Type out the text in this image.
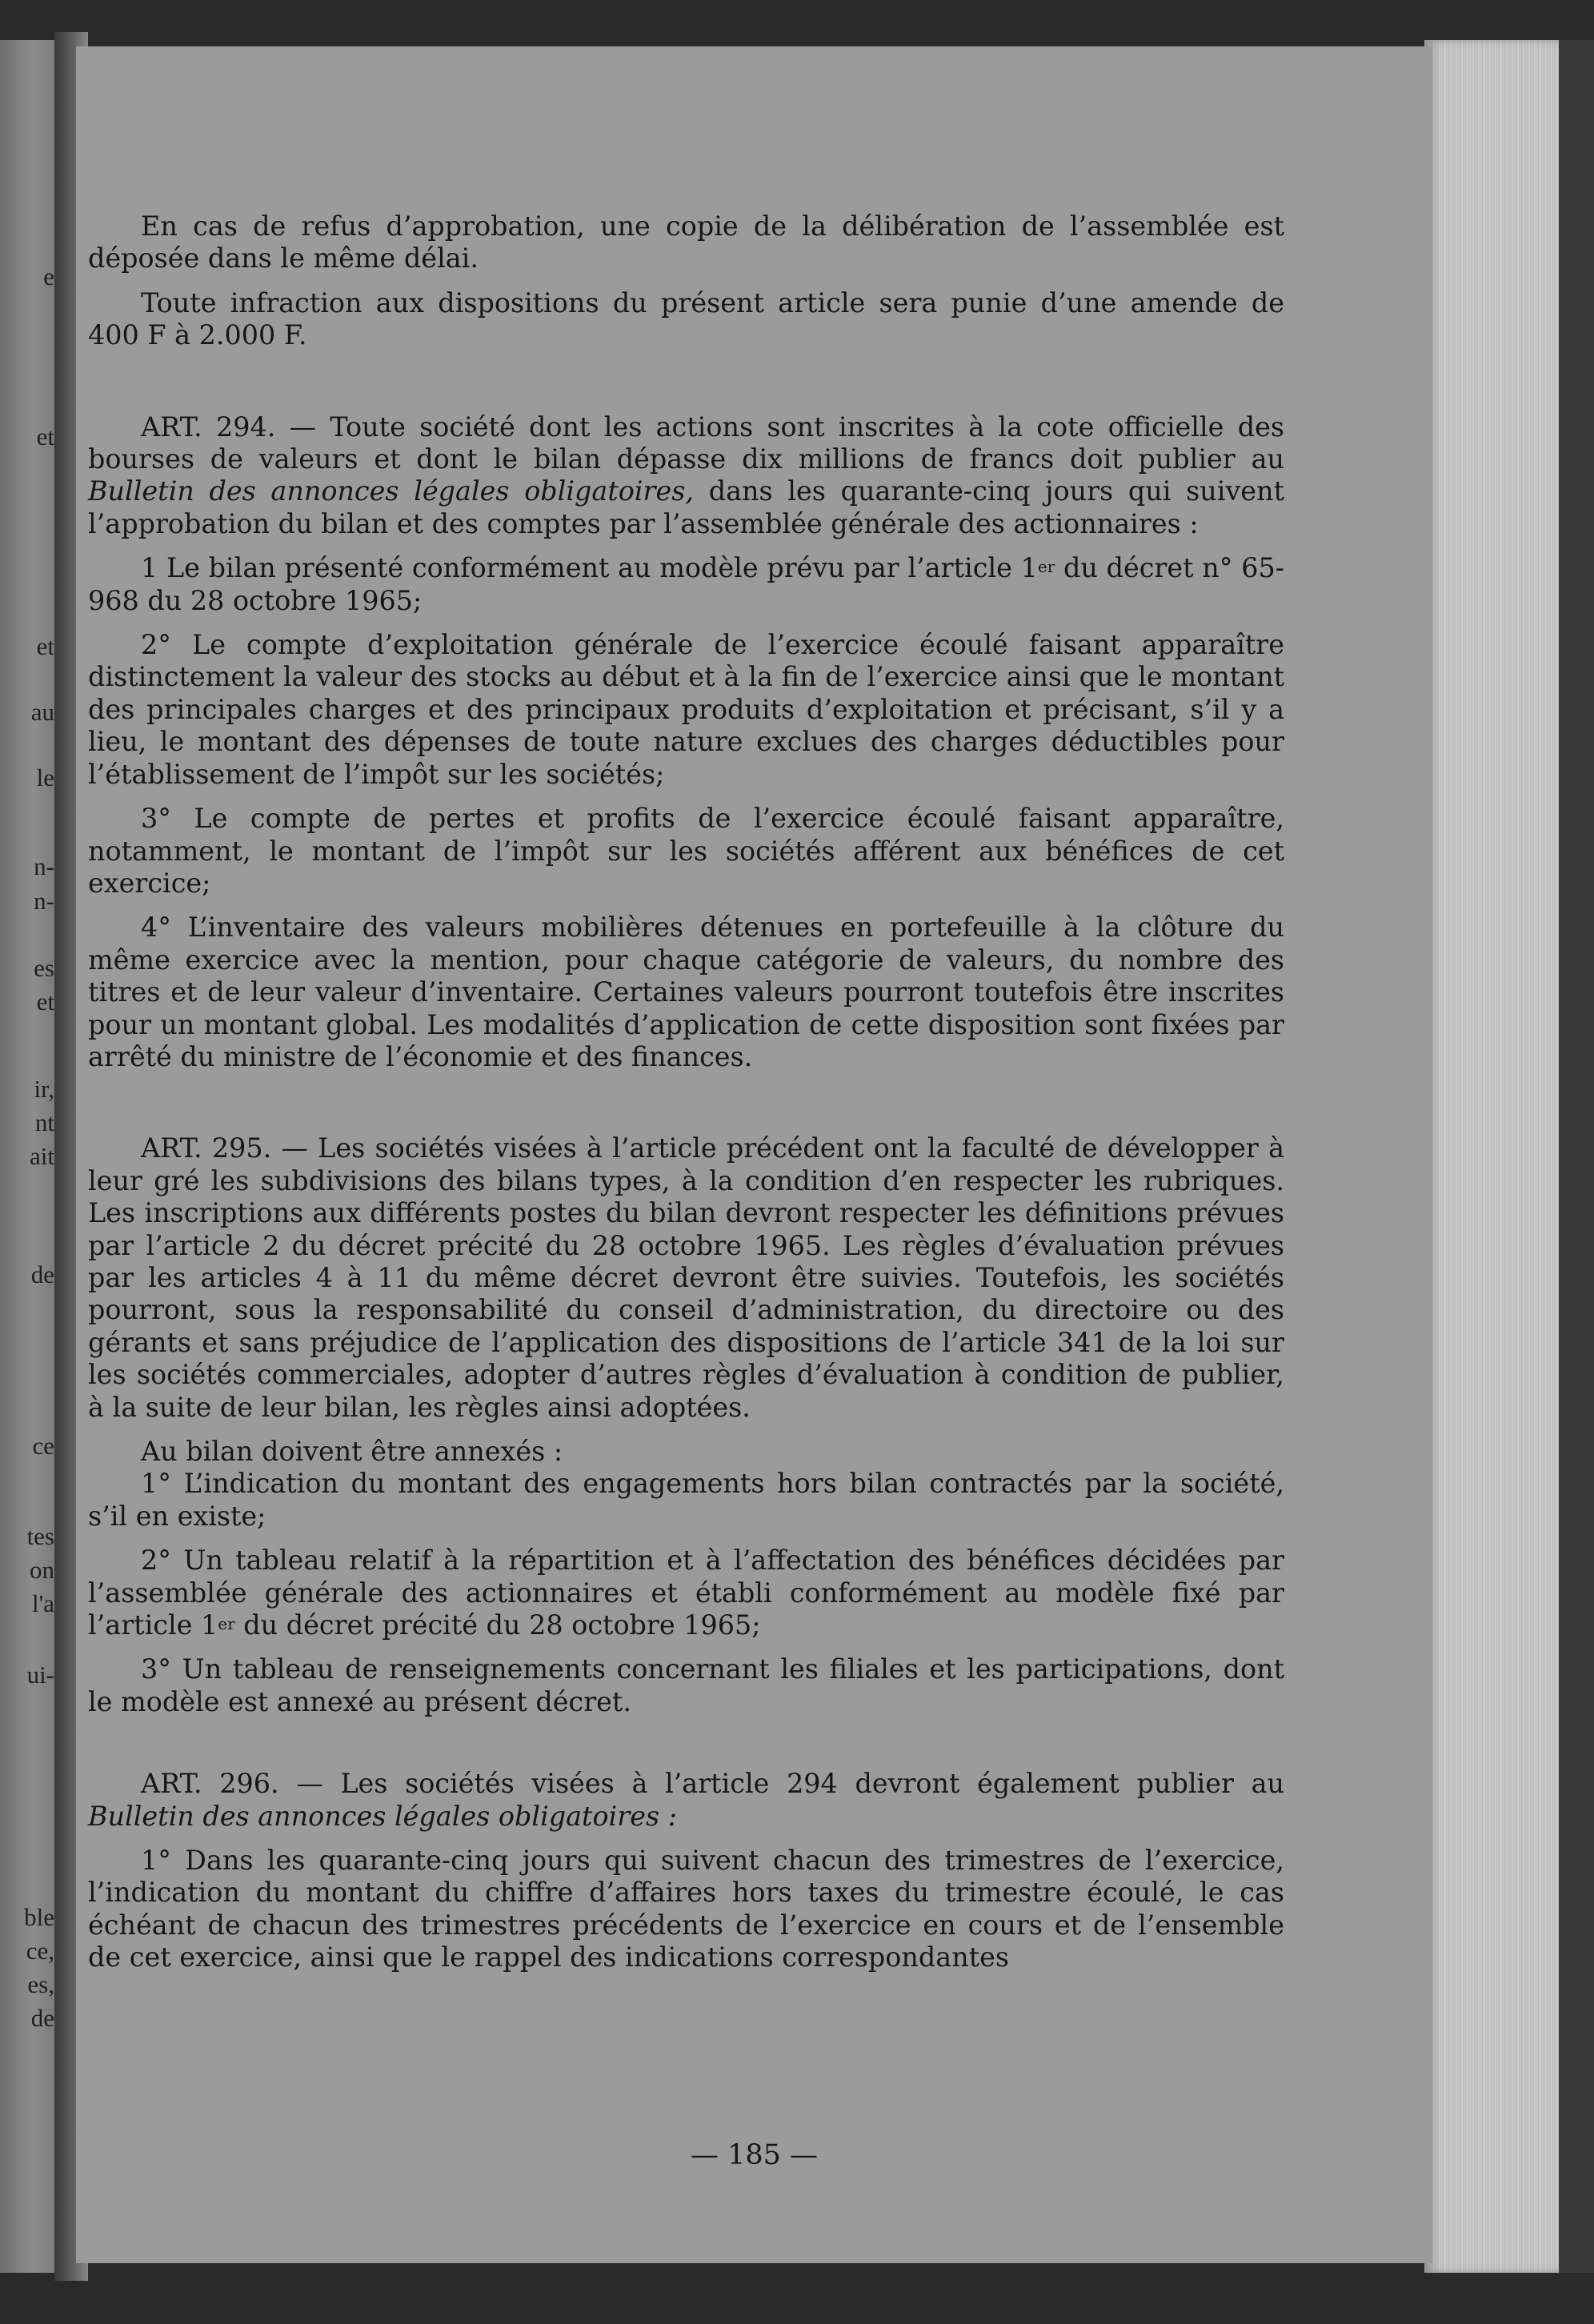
e
et
et
au
le
n-
n-
es
et
ir,
nt
ait
de
ce
tes
on
l'a
ui-
ble
ce,
es,
de

En cas de refus d’approbation, une copie de la délibération de l’assemblée est déposée dans le même délai.

Toute infraction aux dispositions du présent article sera punie d’une amende de 400 F à 2.000 F.

ART. 294. — Toute société dont les actions sont inscrites à la cote officielle des bourses de valeurs et dont le bilan dépasse dix millions de francs doit publier au Bulletin des annonces légales obligatoires, dans les quarante-cinq jours qui suivent l’approbation du bilan et des comptes par l’assemblée générale des actionnaires :

1 Le bilan présenté conformément au modèle prévu par l’article 1er du décret n° 65-968 du 28 octobre 1965;

2° Le compte d’exploitation générale de l’exercice écoulé faisant apparaître distinctement la valeur des stocks au début et à la fin de l’exercice ainsi que le montant des principales charges et des principaux produits d’exploitation et précisant, s’il y a lieu, le montant des dépenses de toute nature exclues des charges déductibles pour l’établissement de l’impôt sur les sociétés;

3° Le compte de pertes et profits de l’exercice écoulé faisant apparaître, notamment, le montant de l’impôt sur les sociétés afférent aux bénéfices de cet exercice;

4° L’inventaire des valeurs mobilières détenues en portefeuille à la clôture du même exercice avec la mention, pour chaque catégorie de valeurs, du nombre des titres et de leur valeur d’inventaire. Certaines valeurs pourront toutefois être inscrites pour un montant global. Les modalités d’application de cette disposition sont fixées par arrêté du ministre de l’économie et des finances.

ART. 295. — Les sociétés visées à l’article précédent ont la faculté de développer à leur gré les subdivisions des bilans types, à la condition d’en respecter les rubriques. Les inscriptions aux différents postes du bilan devront respecter les définitions prévues par l’article 2 du décret précité du 28 octobre 1965. Les règles d’évaluation prévues par les articles 4 à 11 du même décret devront être suivies. Toutefois, les sociétés pourront, sous la responsabilité du conseil d’administration, du directoire ou des gérants et sans préjudice de l’application des dispositions de l’article 341 de la loi sur les sociétés commerciales, adopter d’autres règles d’évaluation à condition de publier, à la suite de leur bilan, les règles ainsi adoptées.

Au bilan doivent être annexés :

1° L’indication du montant des engagements hors bilan contractés par la société, s’il en existe;

2° Un tableau relatif à la répartition et à l’affectation des bénéfices décidées par l’assemblée générale des actionnaires et établi conformément au modèle fixé par l’article 1er du décret précité du 28 octobre 1965;

3° Un tableau de renseignements concernant les filiales et les participations, dont le modèle est annexé au présent décret.

ART. 296. — Les sociétés visées à l’article 294 devront également publier au Bulletin des annonces légales obligatoires :

1° Dans les quarante-cinq jours qui suivent chacun des trimestres de l’exercice, l’indication du montant du chiffre d’affaires hors taxes du trimestre écoulé, le cas échéant de chacun des trimestres précédents de l’exercice en cours et de l’ensemble de cet exercice, ainsi que le rappel des indications correspondantes

— 185 —
